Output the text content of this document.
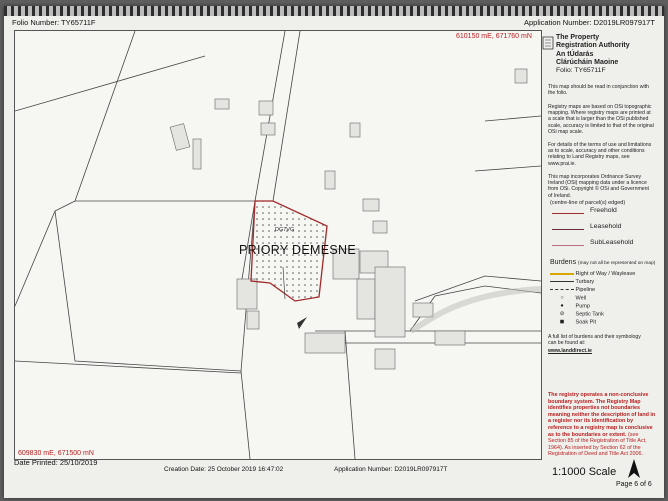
Folio Number: TY65711F	Application Number: D2019LR097917T
DG7VG
PRIORY DEMESNE
610150 mE, 671760 mN
609830 mE, 671500 mN
The Property
Registration Authority
An tÚdarás
Clárúcháin Maoine
Folio: TY65711F

This map should be read in conjunction with the folio.

Registry maps are based on OSi topographic mapping. Where registry maps are printed at a scale that is larger than the OSi published scale, accuracy is limited to that of the original OSi map scale.

For details of the terms of use and limitations as to scale, accuracy and other conditions relating to Land Registry maps, see www.prai.ie.

This map incorporates Ordnance Survey Ireland (OSi) mapping data under a licence from OSi. Copyright © OSi and Government of Ireland.

(centre-line of parcel(s) edged)
Freehold
Leasehold
SubLeasehold
Burdens (may not all be represented on map)
Right of Way / Wayleave
Turbary
Pipeline
○ Well
● Pump
⊘ Septic Tank
◼ Soak Pit

A full list of burdens and their symbology can be found at:

www.landdirect.ie

The registry operates a non-conclusive boundary system. The Registry Map identifies properties not boundaries meaning neither the description of land in a register nor its identification by reference to a registry map is conclusive as to the boundaries or extent. (see Section 85 of the Registration of Title Act, 1964). As inserted by Section 62 of the Registration of Deed and Title Act 2006.
Date Printed: 25/10/2019
Creation Date: 25 October 2019 16:47:02	Application Number: D2019LR097917T	1:1000 Scale
Page 6 of 6
